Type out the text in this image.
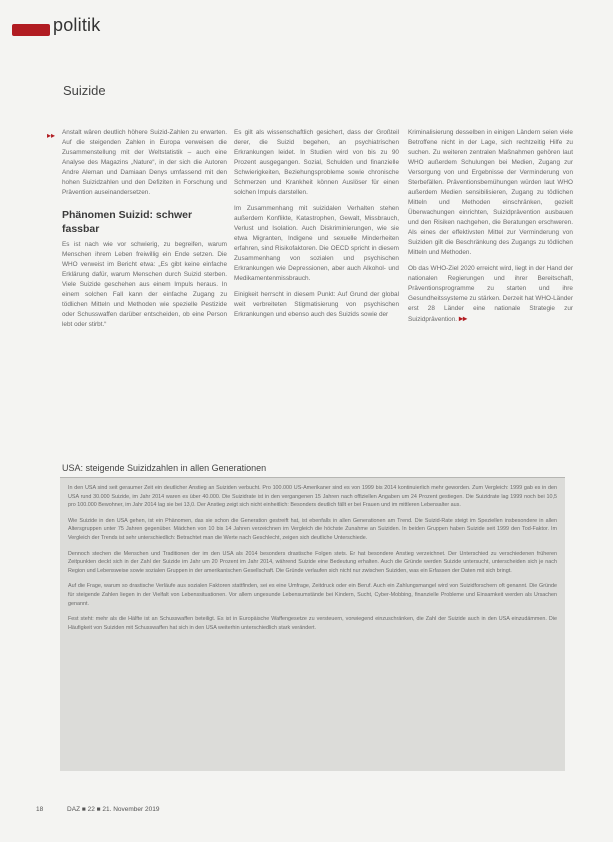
politik
Suizide
▸▸ Anstalt wären deutlich höhere Suizid-Zahlen zu erwarten. Auf die steigenden Zahlen in Europa verweisen die Zusammenstellung mit der Weltstatistik – auch eine Analyse des Magazins „Nature“, in der sich die Autoren Andre Aleman und Damiaan Denys umfassend mit den hohen Suizidzahlen und den Defiziten in Forschung und Prävention auseinandersetzen.

Phänomen Suizid: schwer fassbar

Es ist nach wie vor schwierig, zu begreifen, warum Menschen ihrem Leben freiwillig ein Ende setzen. Die WHO verweist im Bericht etwa: „Es gibt keine einfache Erklärung dafür, warum Menschen durch Suizid sterben. Viele Suizide geschehen aus einem Impuls heraus. In einem solchen Fall kann der einfache Zugang zu tödlichen Mitteln und Methoden wie spezielle Pestizide oder Schusswaffen darüber entscheiden, ob eine Person lebt oder stirbt.“

Es gilt als wissenschaftlich gesichert, dass der Großteil derer, die Suizid begehen, an psychiatrischen Erkrankungen leidet. In Studien wird von bis zu 90 Prozent ausgegangen. Sozial, Schulden und finanzielle Schwierigkeiten, Beziehungsprobleme sowie chronische Schmerzen und Krankheit können Auslöser für einen solchen Impuls darstellen.

Im Zusammenhang mit suizidalen Verhalten stehen außerdem Konflikte, Katastrophen, Gewalt, Missbrauch, Verlust und Isolation. Auch Diskriminierungen, wie sie etwa Migranten, Indigene und sexuelle Minderheiten erfahren, sind Risikofaktoren. Die OECD spricht in diesem Zusammenhang von sozialen und psychischen Erkrankungen wie Depressionen, aber auch Alkohol- und Medikamentenmissbrauch.

Einigkeit herrscht in diesem Punkt: Auf Grund der global weit verbreiteten Stigmatisierung von psychischen Erkrankungen und ebenso auch des Suizids sowie der

Kriminalisierung desselben in einigen Ländern seien viele Betroffene nicht in der Lage, sich rechtzeitig Hilfe zu suchen. Zu weiteren zentralen Maßnahmen gehören laut WHO außerdem Schulungen bei Medien, Zugang zur Versorgung von und Ergebnisse der Verminderung von Sterbefällen. Präventionsbemühungen würden laut WHO außerdem Medien sensibilisieren, Zugang zu tödlichen Mitteln und Methoden einschränken, gezielt Überwachungen einrichten, Suizidprävention ausbauen und den Risiken nachgehen, die Beratungen erschweren. Als eines der effektivsten Mittel zur Verminderung von Suiziden gilt die Beschränkung des Zugangs zu tödlichen Mitteln und Methoden.

Ob das WHO-Ziel 2020 erreicht wird, liegt in der Hand der nationalen Regierungen und ihrer Bereitschaft, Präventionsprogramme zu starten und ihre Gesundheitssysteme zu stärken. Derzeit hat WHO-Länder erst 28 Länder eine nationale Strategie zur Suizidprävention. ▸▸

USA: steigende Suizidzahlen in allen Generationen

In den USA sind seit geraumer Zeit ein deutlicher Anstieg an Suiziden verbucht. Pro 100.000 US-Amerikaner sind es von 1999 bis 2014 kontinuierlich mehr geworden. Zum Vergleich: 1999 gab es in den USA rund 30.000 Suizide, im Jahr 2014 waren es über 40.000. Die Suizidrate ist in den vergangenen 15 Jahren nach offiziellen Angaben um 24 Prozent gestiegen. Die Suizidrate lag 1999 noch bei 10,5 pro 100.000 Bewohner, im Jahr 2014 lag sie bei 13,0. Der Anstieg zeigt sich nicht einheitlich: Besonders deutlich fällt er bei Frauen und im mittleren Lebensalter aus.

Wie Suizide in den USA gehen, ist ein Phänomen, das sie schon die Generation gestreift hat, ist ebenfalls in allen Generationen am Trend. Die Suizid-Rate steigt im Speziellen insbesondere in allen Altersgruppen unter 75 Jahren gegenüber. Mädchen von 10 bis 14 Jahren verzeichnen im Vergleich die höchste Zunahme an Suiziden. In beiden Gruppen haben Suizide seit 1999 den Tod-Faktor. Im Vergleich der Trends ist sehr unterschiedlich: Betrachtet man die Werte nach Geschlecht, zeigen sich deutliche Unterschiede.

Dennoch stechen die Menschen und Traditionen der im den USA als 2014 besonders drastische Folgen stets. Er hat besondere Anstieg verzeichnet. Der Unterschied zu verschiedenen früheren Zeitpunkten deckt sich in der Zahl der Suizide im Jahr um 20 Prozent im Jahr 2014, während Suizide eine Bedeutung erhalten. Auch die Gründe werden Suizide untersucht, unterscheiden sich je nach Region und Lebensweise sowie sozialen Gruppen in der amerikanischen Gesellschaft. Die Gründe verlaufen sich nicht nur zwischen Suiziden, was ein Erfassen der Daten mit sich bringt.

Auf die Frage, warum so drastische Verläufe aus sozialen Faktoren stattfinden, sei es eine Umfrage, Zeitdruck oder ein Beruf. Auch ein Zahlungsmangel wird von Suizidforschern oft genannt. Die Gründe für steigende Zahlen liegen in der Vielfalt von Lebenssituationen. Vor allem ungesunde Lebensumstände bei Kindern, Sucht, Cyber-Mobbing, finanzielle Probleme und Einsamkeit werden als Ursachen genannt.

Fest steht: mehr als die Hälfte ist an Schusswaffen beteiligt. Es ist in Europäische Waffengesetze zu versteuern, vorwiegend einzuschränken, die Zahl der Suizide auch in den USA einzudämmen. Die Häufigkeit von Suiziden mit Schusswaffen hat sich in den USA weiterhin unterschiedlich stark verändert.

18	DAZ ■ 22 ■ 21. November 2019
